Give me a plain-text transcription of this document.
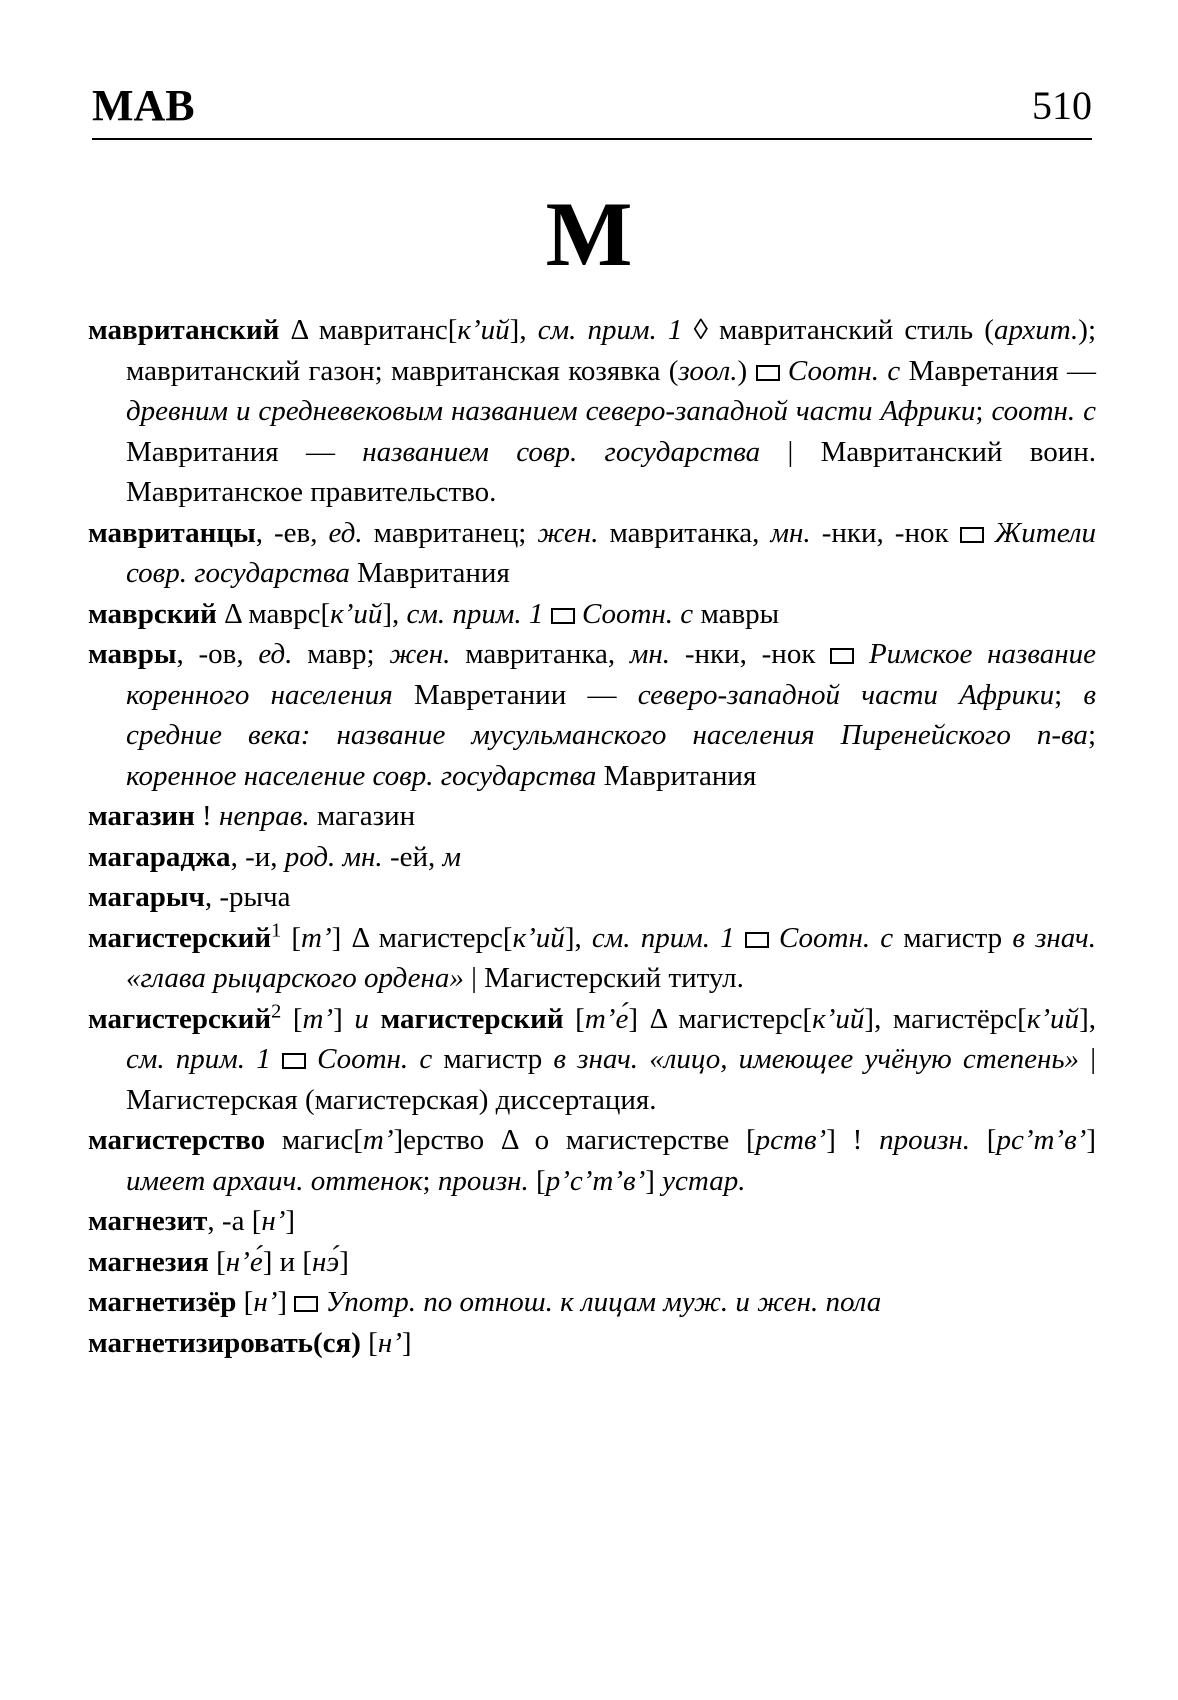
МАВ	510
М

мавританский Δ мавританс[кʼий], см. прим. 1 ◊ мавританский стиль (архит.); мавританский газон; мавританская козявка (зоол.)  Соотн. с Мавретания — древним и средневековым названием северо-западной части Африки; соотн. с Мавритания — названием совр. государства | Мавританский воин. Мавританское правительство.

мавританцы, -ев, ед. мавританец; жен. мавританка, мн. -нки, -нок  Жители совр. государства Мавритания

маврский Δ маврс[кʼий], см. прим. 1 Соотн. с мавры

мавры, -ов, ед. мавр; жен. мавританка, мн. -нки, -нок  Римское название коренного населения Мавретании — северо-западной части Африки; в средние века: название мусульманского населения Пиренейского п-ва; коренное население совр. государства Мавритания

магазин ! неправ. магазин

магараджа, -и, род. мн. -ей, м

магарыч, -рыча

магистерский$^1$ [тʼ] Δ магистерс[кʼий], см. прим. 1 Соотн. с магистр в знач. «глава рыцарского ордена» | Магистерский титул.

магистерский$^2$ [тʼ] и магистерский [тʼе́] Δ магистерс[кʼий], магистёрс[кʼий], см. прим. 1 Соотн. с магистр в знач. «лицо, имеющее учёную степень» | Магистерская (магистерская) диссертация.

магистерство магис[тʼ]ерство Δ о магистерстве [рствʼ] ! произн. [рсʼтʼвʼ] имеет архаич. оттенок; произн. [рʼсʼтʼвʼ] устар.

магнезит, -а [нʼ]

магнезия [нʼе́] и [нэ́]

магнетизёр [нʼ]  Употр. по отнош. к лицам муж. и жен. пола

магнетизировать(ся) [нʼ]
